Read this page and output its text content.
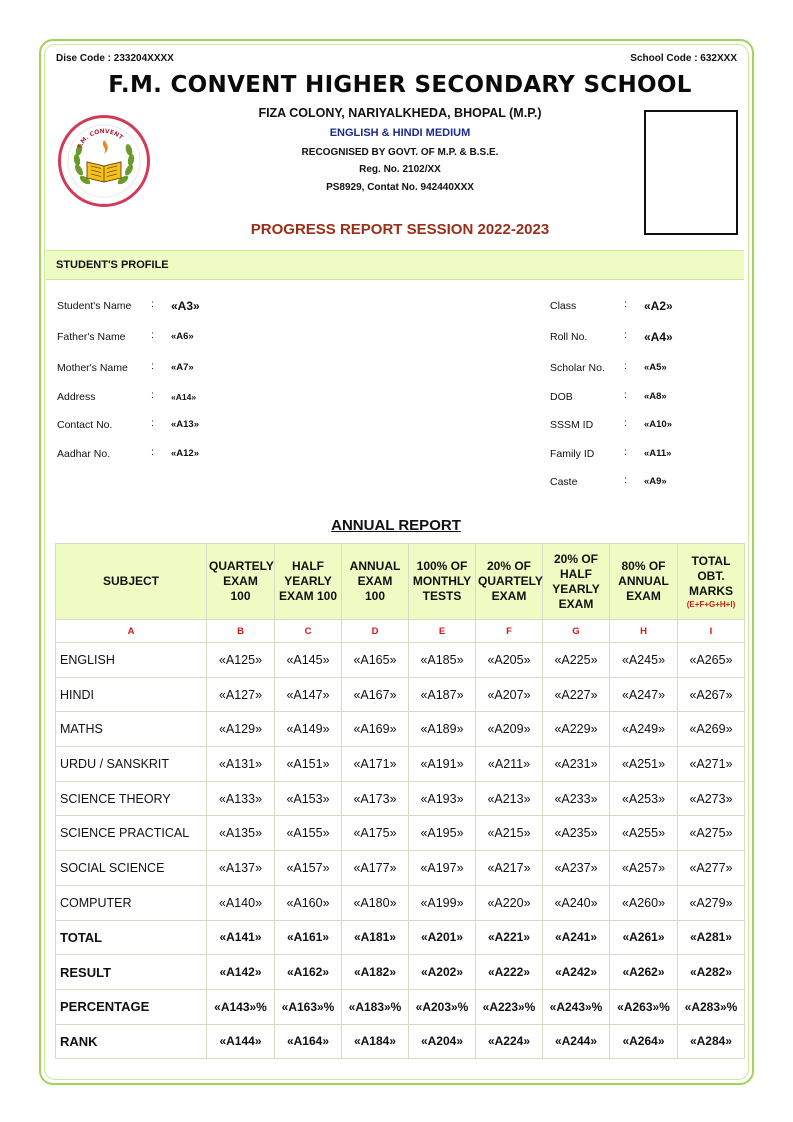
Dise Code : 233204XXXX	School Code : 632XXX
F.M. CONVENT HIGHER SECONDARY SCHOOL
FIZA COLONY, NARIYALKHEDA, BHOPAL (M.P.)
ENGLISH & HINDI MEDIUM
RECOGNISED BY GOVT. OF M.P. & B.S.E.
Reg. No. 2102/XX
PS8929, Contat No. 942440XXX
PROGRESS REPORT SESSION 2022-2023
F.M. CONVENT
STUDENT'S PROFILE
Student's Name : «A3»
Father's Name : «A6»
Mother's Name : «A7»
Address	: «A14»
Contact No.	: «A13»
Aadhar No.	: «A12»
Class	: «A2»
Roll No.	: «A4»
Scholar No. : «A5»
DOB	: «A8»
SSSM ID	: «A10»
Family ID	: «A11»
Caste	: «A9»
ANNUAL REPORT
SUBJECT	QUARTELY
EXAM
100	HALF
YEARLY
EXAM 100	ANNUAL
EXAM
100	100% OF
MONTHLY
TESTS	20% OF
QUARTELY
EXAM	20% OF
HALF
YEARLY
EXAM	80% OF
ANNUAL
EXAM	TOTAL
OBT.
MARKS
(E+F+G+H+I)

A	B	C	D	E	F	G	H	I
ENGLISH	«A125»	«A145»	«A165»	«A185»	«A205»	«A225»	«A245»	«A265»
HINDI	«A127»	«A147»	«A167»	«A187»	«A207»	«A227»	«A247»	«A267»
MATHS	«A129»	«A149»	«A169»	«A189»	«A209»	«A229»	«A249»	«A269»
URDU / SANSKRIT	«A131»	«A151»	«A171»	«A191»	«A211»	«A231»	«A251»	«A271»
SCIENCE THEORY	«A133»	«A153»	«A173»	«A193»	«A213»	«A233»	«A253»	«A273»
SCIENCE PRACTICAL	«A135»	«A155»	«A175»	«A195»	«A215»	«A235»	«A255»	«A275»
SOCIAL SCIENCE	«A137»	«A157»	«A177»	«A197»	«A217»	«A237»	«A257»	«A277»
COMPUTER	«A140»	«A160»	«A180»	«A199»	«A220»	«A240»	«A260»	«A279»
TOTAL	«A141»	«A161»	«A181»	«A201»	«A221»	«A241»	«A261»	«A281»
RESULT	«A142»	«A162»	«A182»	«A202»	«A222»	«A242»	«A262»	«A282»
PERCENTAGE	«A143»%	«A163»%	«A183»%	«A203»%	«A223»%	«A243»%	«A263»%	«A283»%
RANK	«A144»	«A164»	«A184»	«A204»	«A224»	«A244»	«A264»	«A284»
